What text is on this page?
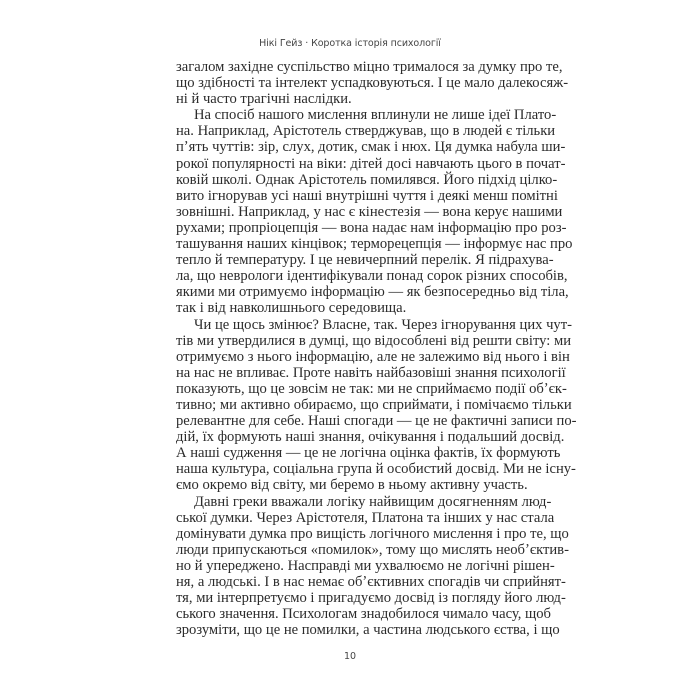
Нікі Гейз · Коротка історія психології
загалом західне суспільство міцно трималося за думку про те,
що здібності та інтелект успадковуються. І це мало далекосяж-
ні й часто трагічні наслідки.
На спосіб нашого мислення вплинули не лише ідеї Плато-
на. Наприклад, Арістотель стверджував, що в людей є тільки
пʼять чуттів: зір, слух, дотик, смак і нюх. Ця думка набула ши-
рокої популярності на віки: дітей досі навчають цього в почат-
ковій школі. Однак Арістотель помилявся. Його підхід цілко-
вито ігнорував усі наші внутрішні чуття і деякі менш помітні
зовнішні. Наприклад, у нас є кінестезія — вона керує нашими
рухами; пропріоцепція — вона надає нам інформацію про роз-
ташування наших кінцівок; терморецепція — інформує нас про
тепло й температуру. І це невичерпний перелік. Я підрахува-
ла, що неврологи ідентифікували понад сорок різних способів,
якими ми отримуємо інформацію — як безпосередньо від тіла,
так і від навколишнього середовища.
Чи це щось змінює? Власне, так. Через ігнорування цих чут-
тів ми утвердилися в думці, що відособлені від решти світу: ми
отримуємо з нього інформацію, але не залежимо від нього і він
на нас не впливає. Проте навіть найбазовіші знання психології
показують, що це зовсім не так: ми не сприймаємо події обʼєк-
тивно; ми активно обираємо, що сприймати, і помічаємо тільки
релевантне для себе. Наші спогади — це не фактичні записи по-
дій, їх формують наші знання, очікування і подальший досвід.
А наші судження — це не логічна оцінка фактів, їх формують
наша культура, соціальна група й особистий досвід. Ми не існу-
ємо окремо від світу, ми беремо в ньому активну участь.
Давні греки вважали логіку найвищим досягненням люд-
ської думки. Через Арістотеля, Платона та інших у нас стала
домінувати думка про вищість логічного мислення і про те, що
люди припускаються «помилок», тому що мислять необʼєктив-
но й упереджено. Насправді ми ухвалюємо не логічні рішен-
ня, а людські. І в нас немає обʼєктивних спогадів чи сприйнят-
тя, ми інтерпретуємо і пригадуємо досвід із погляду його люд-
ського значення. Психологам знадобилося чимало часу, щоб
зрозуміти, що це не помилки, а частина людського єства, і що
10
